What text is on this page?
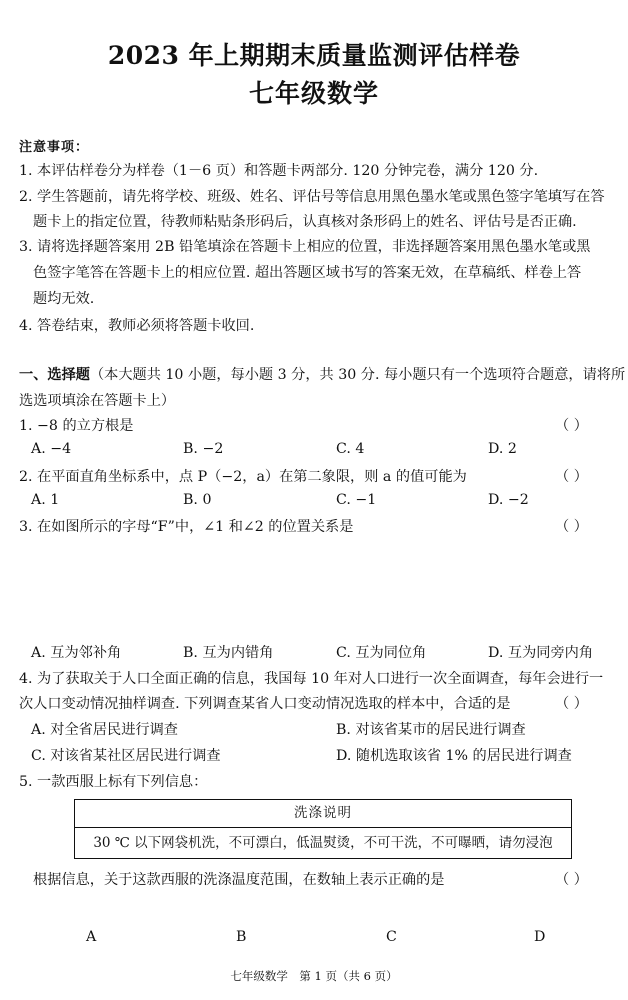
2023 年上期期末质量监测评估样卷
七年级数学
注意事项：
1. 本评估样卷分为样卷（1－6 页）和答题卡两部分. 120 分钟完卷，满分 120 分.
2. 学生答题前，请先将学校、班级、姓名、评估号等信息用黑色墨水笔或黑色签字笔填写在答
题卡上的指定位置，待教师粘贴条形码后，认真核对条形码上的姓名、评估号是否正确.
3. 请将选择题答案用 2B 铅笔填涂在答题卡上相应的位置，非选择题答案用黑色墨水笔或黑
色签字笔答在答题卡上的相应位置. 超出答题区域书写的答案无效，在草稿纸、样卷上答
题均无效.
4. 答卷结束，教师必须将答题卡收回.
一、选择题（本大题共 10 小题，每小题 3 分，共 30 分. 每小题只有一个选项符合题意，请将所
选选项填涂在答题卡上）
1. −8 的立方根是	（ ）
A. −4	B. −2	C. 4	D. 2
2. 在平面直角坐标系中，点 P（−2，a）在第二象限，则 a 的值可能为	（ ）
A. 1	B. 0	C. −1	D. −2
3. 在如图所示的字母“F”中，∠1 和∠2 的位置关系是	（ ）
A. 互为邻补角	B. 互为内错角	C. 互为同位角	D. 互为同旁内角
4. 为了获取关于人口全面正确的信息，我国每 10 年对人口进行一次全面调查，每年会进行一
次人口变动情况抽样调查. 下列调查某省人口变动情况选取的样本中，合适的是	（ ）
A. 对全省居民进行调查	B. 对该省某市的居民进行调查
C. 对该省某社区居民进行调查	D. 随机选取该省 1% 的居民进行调查
5. 一款西服上标有下列信息：
洗涤说明
30 ℃ 以下网袋机洗，不可漂白，低温熨烫，不可干洗，不可曝晒，请勿浸泡
根据信息，关于这款西服的洗涤温度范围，在数轴上表示正确的是	（ ）
A	B	C	D
七年级数学　第 1 页（共 6 页）
